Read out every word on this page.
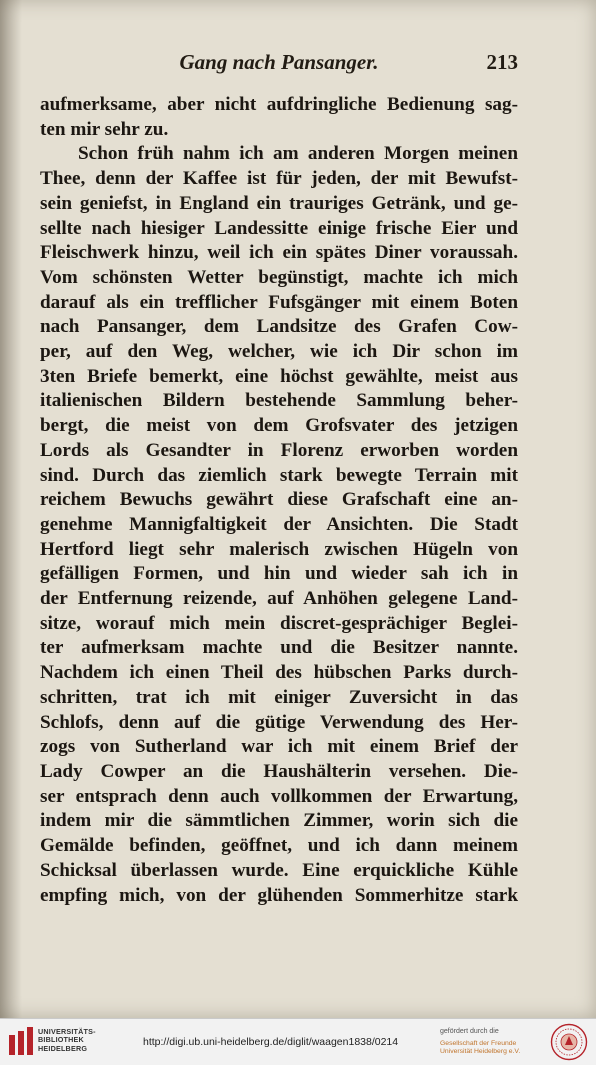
Gang nach Pansanger.	213
aufmerksame, aber nicht aufdringliche Bedienung sag-
ten mir sehr zu.
Schon früh nahm ich am anderen Morgen meinen
Thee, denn der Kaffee ist für jeden, der mit Bewufst-
sein geniefst, in England ein trauriges Getränk, und ge-
sellte nach hiesiger Landessitte einige frische Eier und
Fleischwerk hinzu, weil ich ein spätes Diner voraussah.
Vom schönsten Wetter begünstigt, machte ich mich
darauf als ein trefflicher Fufsgänger mit einem Boten
nach Pansanger, dem Landsitze des Grafen Cow-
per, auf den Weg, welcher, wie ich Dir schon im
3ten Briefe bemerkt, eine höchst gewählte, meist aus
italienischen Bildern bestehende Sammlung beher-
bergt, die meist von dem Grofsvater des jetzigen
Lords als Gesandter in Florenz erworben worden
sind. Durch das ziemlich stark bewegte Terrain mit
reichem Bewuchs gewährt diese Grafschaft eine an-
genehme Mannigfaltigkeit der Ansichten. Die Stadt
Hertford liegt sehr malerisch zwischen Hügeln von
gefälligen Formen, und hin und wieder sah ich in
der Entfernung reizende, auf Anhöhen gelegene Land-
sitze, worauf mich mein discret-gesprächiger Beglei-
ter aufmerksam machte und die Besitzer nannte.
Nachdem ich einen Theil des hübschen Parks durch-
schritten, trat ich mit einiger Zuversicht in das
Schlofs, denn auf die gütige Verwendung des Her-
zogs von Sutherland war ich mit einem Brief der
Lady Cowper an die Haushälterin versehen. Die-
ser entsprach denn auch vollkommen der Erwartung,
indem mir die sämmtlichen Zimmer, worin sich die
Gemälde befinden, geöffnet, und ich dann meinem
Schicksal überlassen wurde. Eine erquickliche Kühle
empfing mich, von der glühenden Sommerhitze stark
UNIVERSITÄTS-
BIBLIOTHEK
HEIDELBERG
http://digi.ub.uni-heidelberg.de/diglit/waagen1838/0214
gefördert durch die
Gesellschaft der Freunde
Universität Heidelberg e.V.
